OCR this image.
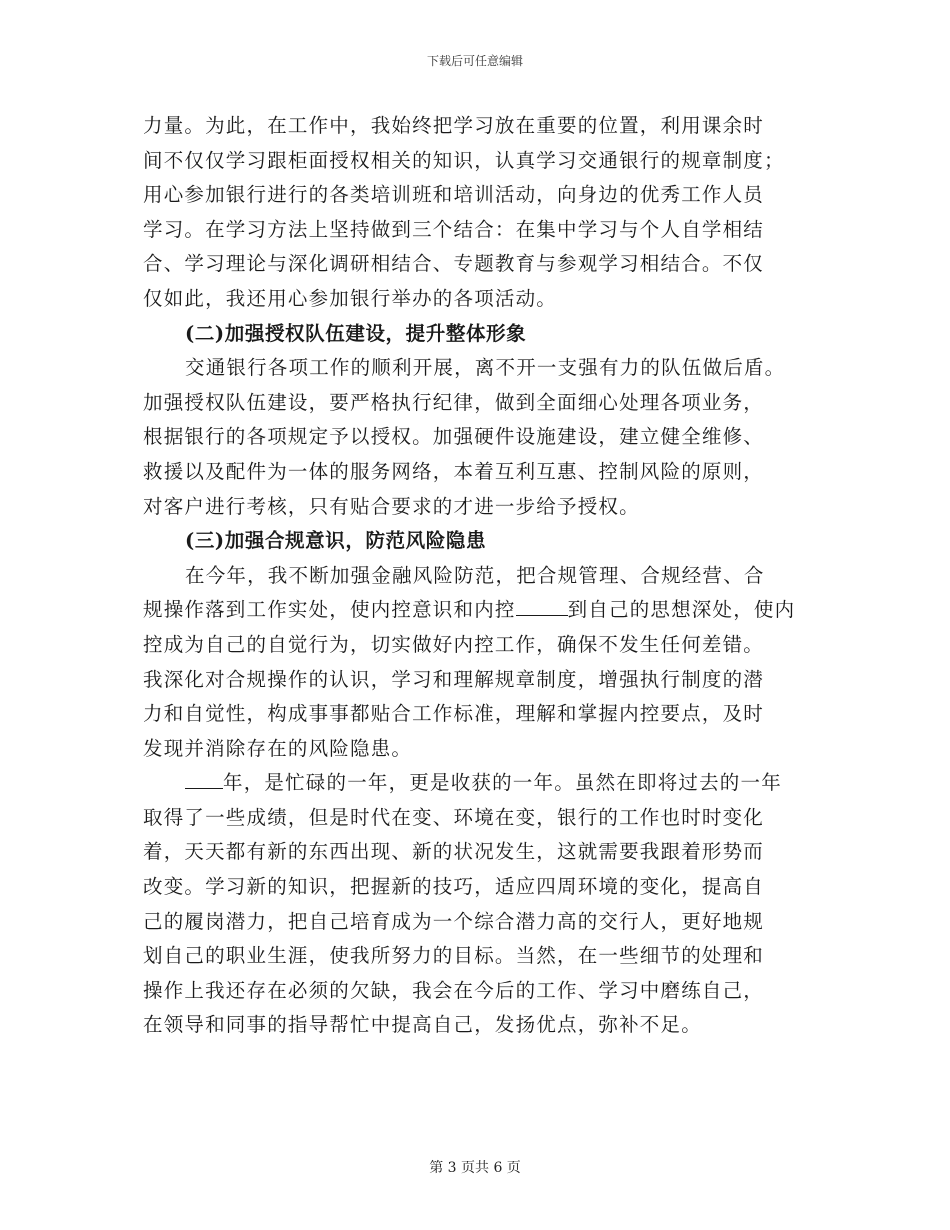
下载后可任意编辑
力量。为此，在工作中，我始终把学习放在重要的位置，利用课余时
间不仅仅学习跟柜面授权相关的知识，认真学习交通银行的规章制度；
用心参加银行进行的各类培训班和培训活动，向身边的优秀工作人员
学习。在学习方法上坚持做到三个结合：在集中学习与个人自学相结
合、学习理论与深化调研相结合、专题教育与参观学习相结合。不仅
仅如此，我还用心参加银行举办的各项活动。
(二)加强授权队伍建设，提升整体形象
交通银行各项工作的顺利开展，离不开一支强有力的队伍做后盾。
加强授权队伍建设，要严格执行纪律，做到全面细心处理各项业务，
根据银行的各项规定予以授权。加强硬件设施建设，建立健全维修、
救援以及配件为一体的服务网络，本着互利互惠、控制风险的原则，
对客户进行考核，只有贴合要求的才进一步给予授权。
(三)加强合规意识，防范风险隐患
在今年，我不断加强金融风险防范，把合规管理、合规经营、合
规操作落到工作实处，使内控意识和内控	到自己的思想深处，使内
控成为自己的自觉行为，切实做好内控工作，确保不发生任何差错。
我深化对合规操作的认识，学习和理解规章制度，增强执行制度的潜
力和自觉性，构成事事都贴合工作标准，理解和掌握内控要点，及时
发现并消除存在的风险隐患。
年，是忙碌的一年，更是收获的一年。虽然在即将过去的一年
取得了一些成绩，但是时代在变、环境在变，银行的工作也时时变化
着，天天都有新的东西出现、新的状况发生，这就需要我跟着形势而
改变。学习新的知识，把握新的技巧，适应四周环境的变化，提高自
己的履岗潜力，把自己培育成为一个综合潜力高的交行人，更好地规
划自己的职业生涯，使我所努力的目标。当然，在一些细节的处理和
操作上我还存在必须的欠缺，我会在今后的工作、学习中磨练自己，
在领导和同事的指导帮忙中提高自己，发扬优点，弥补不足。
第 3 页共 6 页
